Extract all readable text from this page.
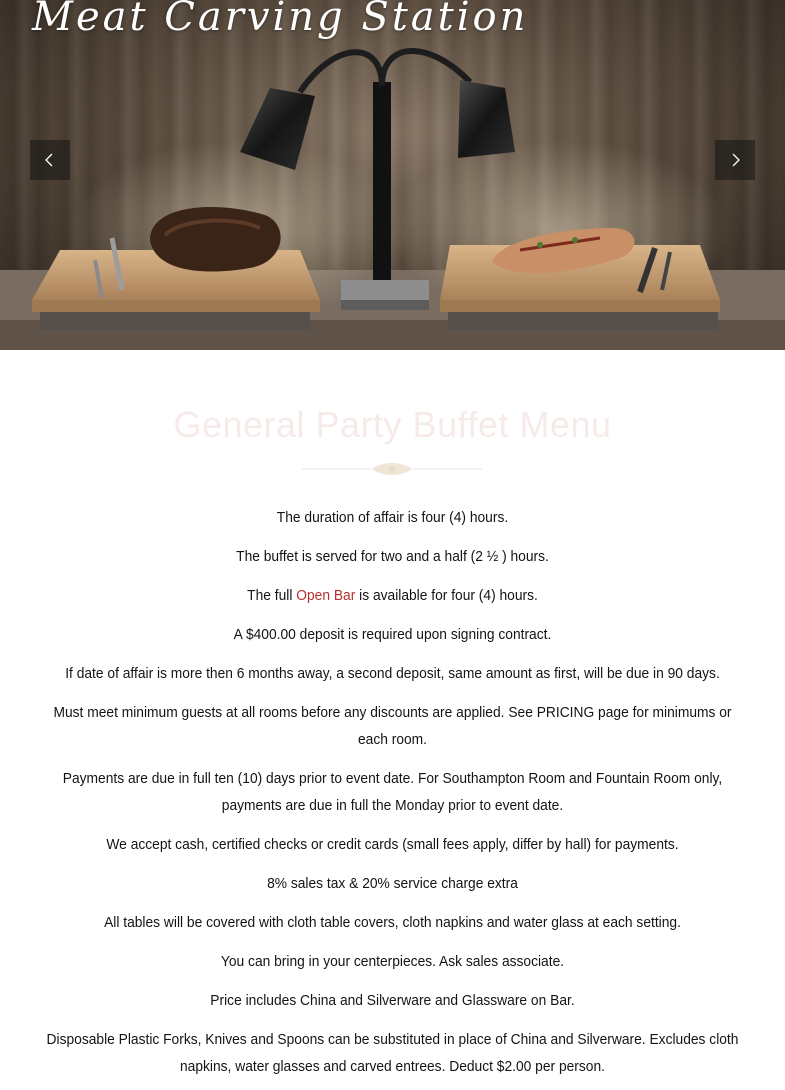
Meat Carving Station
General Party Buffet Menu
The duration of affair is four (4) hours.
The buffet is served for two and a half (2 ½ ) hours.
The full Open Bar is available for four (4) hours.
A $400.00 deposit is required upon signing contract.
If date of affair is more then 6 months away, a second deposit, same amount as first, will be due in 90 days.
Must meet minimum guests at all rooms before any discounts are applied. See PRICING page for minimums or each room.
Payments are due in full ten (10) days prior to event date. For Southampton Room and Fountain Room only, payments are due in full the Monday prior to event date.
We accept cash, certified checks or credit cards (small fees apply, differ by hall) for payments.
8% sales tax & 20% service charge extra
All tables will be covered with cloth table covers, cloth napkins and water glass at each setting.
You can bring in your centerpieces. Ask sales associate.
Price includes China and Silverware and Glassware on Bar.
Disposable Plastic Forks, Knives and Spoons can be substituted in place of China and Silverware. Excludes cloth napkins, water glasses and carved entrees. Deduct $2.00 per person.
